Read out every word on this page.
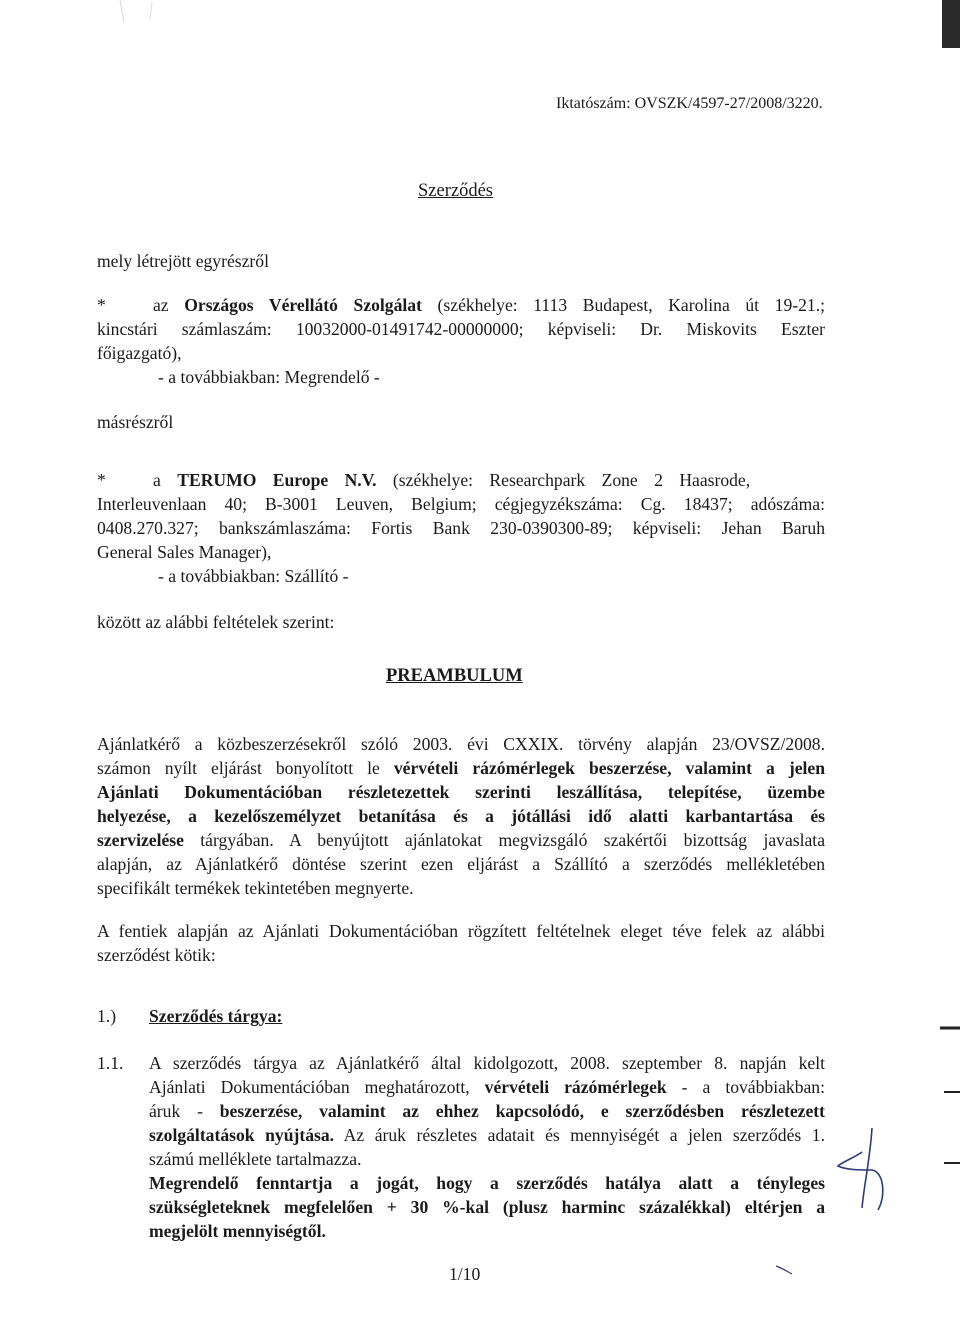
Iktatószám: OVSZK/4597-27/2008/3220.
Szerződés
mely létrejött egyrészről
*	az Országos Vérellátó Szolgálat (székhelye: 1113 Budapest, Karolina út 19-21.;
kincstári számlaszám: 10032000-01491742-00000000; képviseli: Dr. Miskovits Eszter
főigazgató),
- a továbbiakban: Megrendelő -
másrészről
*	a TERUMO Europe N.V. (székhelye: Researchpark Zone 2 Haasrode,
Interleuvenlaan 40; B-3001 Leuven, Belgium; cégjegyzékszáma: Cg. 18437; adószáma:
0408.270.327; bankszámlaszáma: Fortis Bank 230-0390300-89; képviseli: Jehan Baruh
General Sales Manager),
- a továbbiakban: Szállító -
között az alábbi feltételek szerint:
PREAMBULUM
Ajánlatkérő a közbeszerzésekről szóló 2003. évi CXXIX. törvény alapján 23/OVSZ/2008.
számon nyílt eljárást bonyolított le vérvételi rázómérlegek beszerzése, valamint a jelen
Ajánlati Dokumentációban részletezettek szerinti leszállítása, telepítése, üzembe
helyezése, a kezelőszemélyzet betanítása és a jótállási idő alatti karbantartása és
szervizelése tárgyában. A benyújtott ajánlatokat megvizsgáló szakértői bizottság javaslata
alapján, az Ajánlatkérő döntése szerint ezen eljárást a Szállító a szerződés mellékletében
specifikált termékek tekintetében megnyerte.
A fentiek alapján az Ajánlati Dokumentációban rögzített feltételnek eleget téve felek az alábbi
szerződést kötik:
1.) Szerződés tárgya:
1.1. A szerződés tárgya az Ajánlatkérő által kidolgozott, 2008. szeptember 8. napján kelt
Ajánlati Dokumentációban meghatározott, vérvételi rázómérlegek - a továbbiakban:
áruk - beszerzése, valamint az ehhez kapcsolódó, e szerződésben részletezett
szolgáltatások nyújtása. Az áruk részletes adatait és mennyiségét a jelen szerződés 1.
számú melléklete tartalmazza.
Megrendelő fenntartja a jogát, hogy a szerződés hatálya alatt a tényleges
szükségleteknek megfelelően + 30 %-kal (plusz harminc százalékkal) eltérjen a
megjelölt mennyiségtől.
1/10
